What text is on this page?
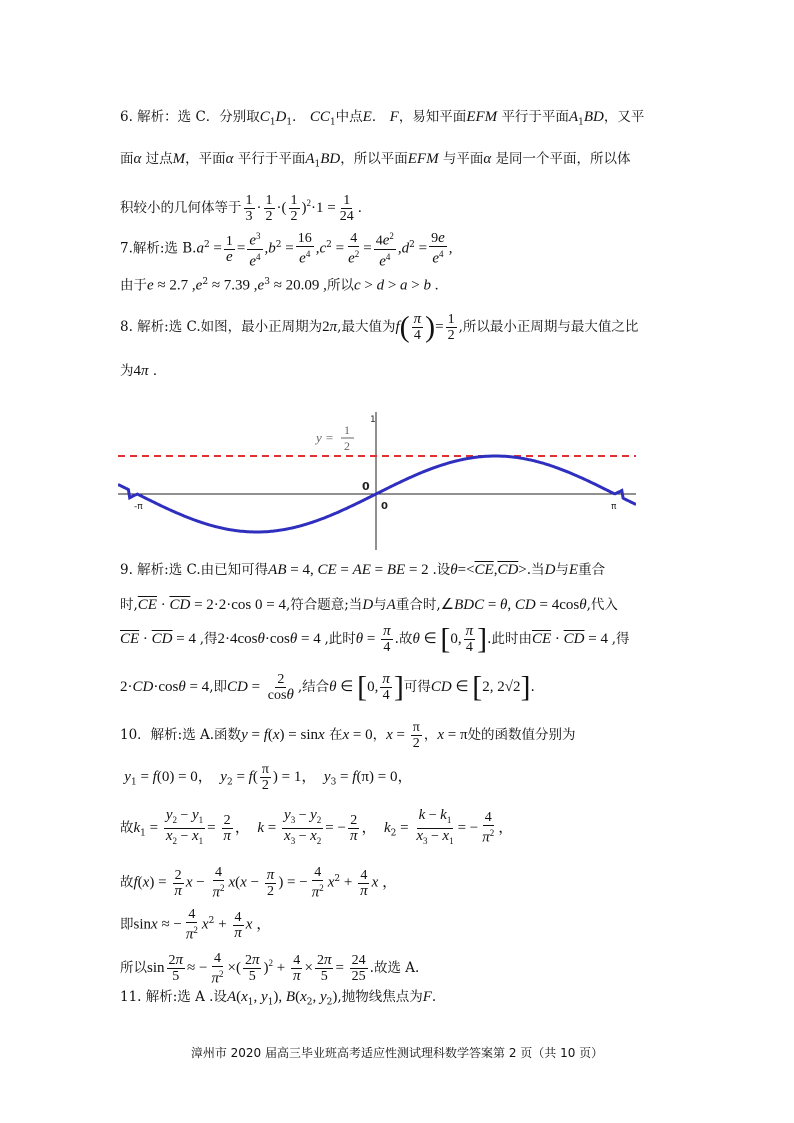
6. 解析：选 C．分别取$C_1D_1$． $CC_1$中点E． F，易知平面EFM 平行于平面$A_1BD$，又平
面α 过点M，平面α 平行于平面$A_1BD$，所以平面EFM 与平面α 是同一个平面，所以体
积较小的几何体等于 $\frac{1}{3} \cdot \frac{1}{2}$ ·( $\frac{1}{2} )^2\cdot 1 = \frac{1}{24}$ ．
7.解析:选 $B.a^2 = \frac{1}{e} = \frac{e^3}{e^4} ,b^2 = \frac{16}{e^4} ,c^2 = \frac{4}{e^2} = \frac{4e^2}{e^4} ,d^2 = \frac{9e}{e^4}$ ,
由于e ≈ 2.7 $,e^2 \approx 7.39$ $,e^3 \approx 20.09$ ,所以c > d > a > b .
8. 解析:选 C.如图，最小正周期为2π,最大值为$f( \frac{\pi}{4}$ )= $\frac{1}{2}$ ,所以最小正周期与最大值之比
为4π ．
1
y = 1
2
0
0
-π	π
9. 解析:选 C.由已知可得AB = 4, CE = AE = BE = 2 .设$\theta=<\overline{CE},\overline{CD}>$.当D与E重合
时$,\overline{CE} \cdot \overline{CD} = 2\cdot 2\cdot\cos$ 0 = 4,符合题意;当D与A重合时,∠BDC = θ, CD = 4cosθ,代入
$\overline{CE} \cdot \overline{CD} = 4$ ,得2·4cosθ·cosθ = 4 ,此时$\theta = \frac{\pi}{4}$ .故θ ∈ [0, $\frac{\pi}{4}$ ].此时由$\overline{CE} \cdot \overline{CD} = 4$ ,得
2·CD·cosθ = 4,即CD = $\frac{2}{\cos\theta}$ ,结合θ ∈ [0, $\frac{\pi}{4}$ ]可得CD ∈ [2, 2√2].
10．解析:选 A.函数y = f(x) = sinx 在x = 0，$x = \frac{\pi}{2}$ ，x = π处的函数值分别为
$y_1 = f(0) = 0$，  $y_2 = f( \frac{\pi}{2}$ ) = 1，  $y_3 = f(\pi) = 0$，
故$k_1 = \frac{y_2 - y_1}{x_2 - x_1} = \frac{2}{\pi}$ ，  $k = \frac{y_3 - y_2}{x_3 - x_2}$ = − $\frac{2}{\pi}$ ，  $k_2 = \frac{k - k_1}{x_3 - x_1}$ = − $\frac{4}{\pi^2}$ ，
故$f(x) = \frac{2}{\pi}$ $x - \frac{4}{\pi^2} x(x - \frac{\pi}{2}$ ) = − $\frac{4}{\pi^2} x^2 + \frac{4}{\pi}$ x ，
即sinx ≈ − $\frac{4}{\pi^2} x^2 + \frac{4}{\pi}$ x ，
所以$\sin \frac{2\pi}{5}$ ≈ − $\frac{4}{\pi^2}$ ×( $\frac{2\pi}{5} )^2 + \frac{4}{\pi} \times \frac{2\pi}{5} = \frac{24}{25}$ .故选 A.
11. 解析:选 A .设$A(x_1$, $y_1$), $B(x_2$, $y_2$),抛物线焦点为F.
漳州市 2020 届高三毕业班高考适应性测试理科数学答案第 2 页（共 10 页）
